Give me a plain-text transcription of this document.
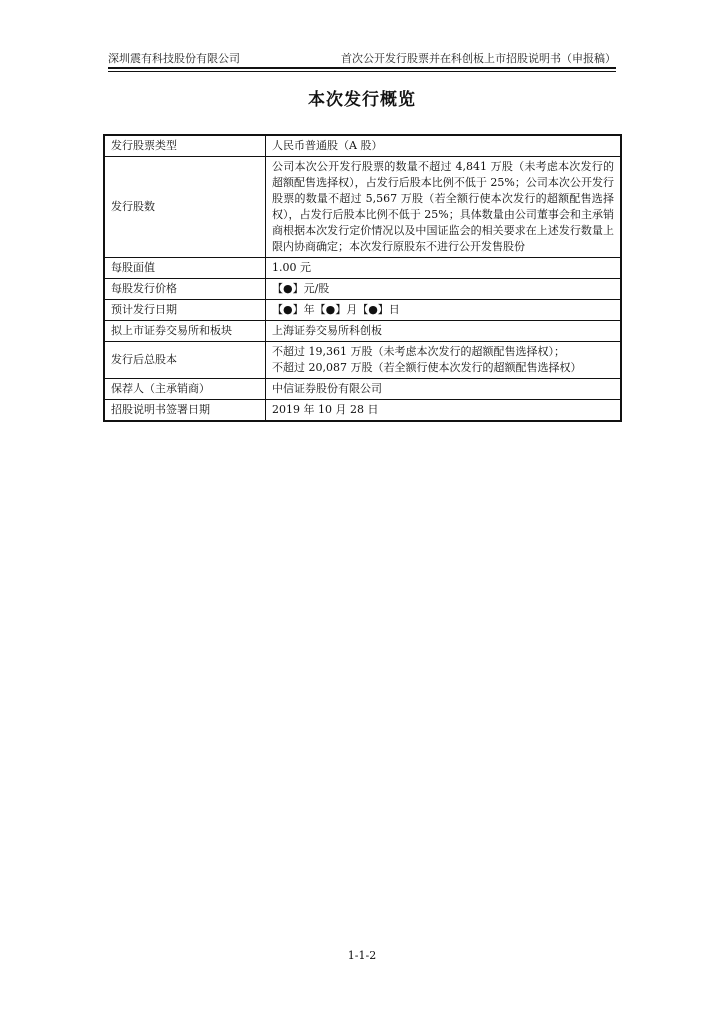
深圳震有科技股份有限公司	首次公开发行股票并在科创板上市招股说明书（申报稿）
本次发行概览
发行股票类型	人民币普通股（A 股）
发行股数	公司本次公开发行股票的数量不超过 4,841 万股（未考虑本次发行的超额配售选择权），占发行后股本比例不低于 25%；公司本次公开发行股票的数量不超过 5,567 万股（若全额行使本次发行的超额配售选择权），占发行后股本比例不低于 25%；具体数量由公司董事会和主承销商根据本次发行定价情况以及中国证监会的相关要求在上述发行数量上限内协商确定；本次发行原股东不进行公开发售股份
每股面值	1.00 元
每股发行价格	【●】元/股
预计发行日期	【●】年【●】月【●】日
拟上市证券交易所和板块	上海证券交易所科创板
发行后总股本	不超过 19,361 万股（未考虑本次发行的超额配售选择权）；
不超过 20,087 万股（若全额行使本次发行的超额配售选择权）

保荐人（主承销商）	中信证券股份有限公司
招股说明书签署日期	2019 年 10 月 28 日
1-1-2
